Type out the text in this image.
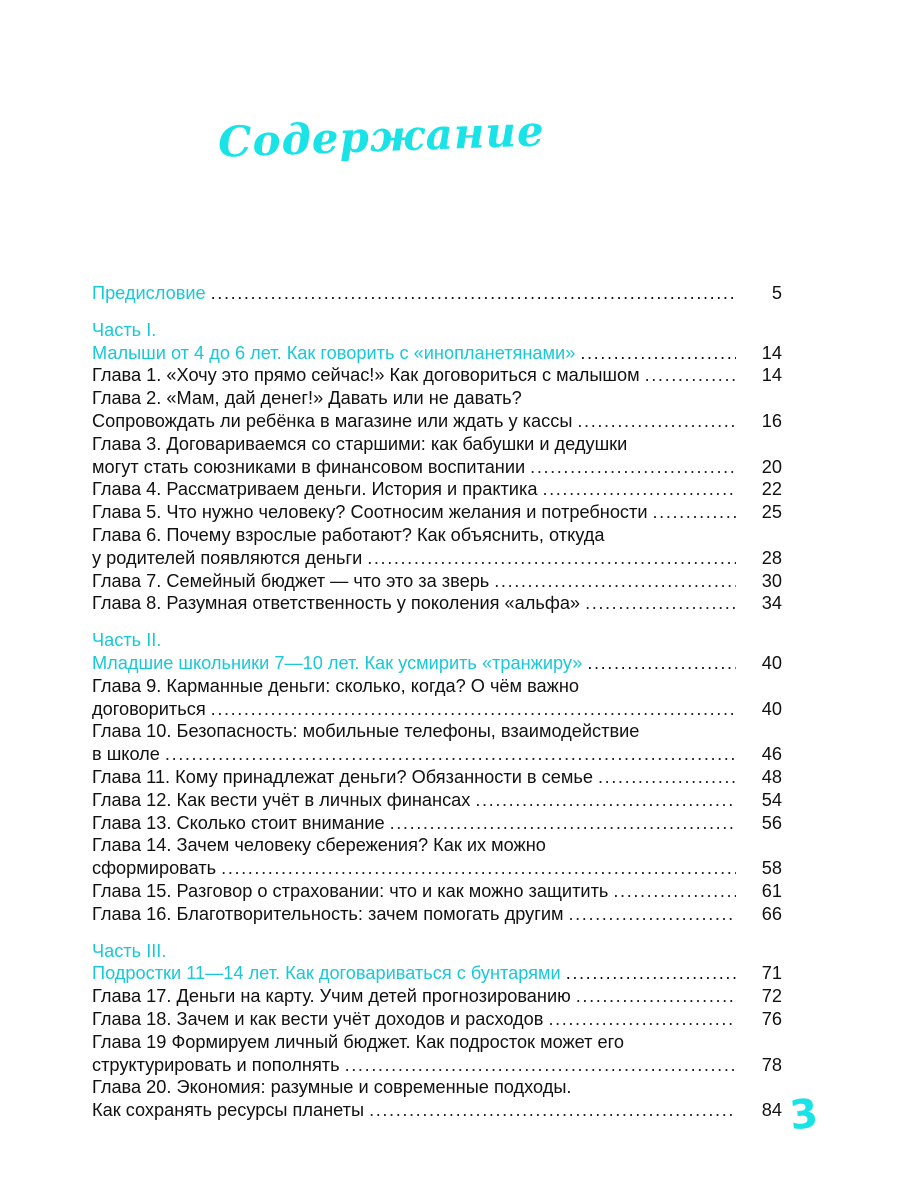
Содержание
Предисловие .....	5
Часть I.
Малыши от 4 до 6 лет. Как говорить с «инопланетянами» .....	14
Глава 1. «Хочу это прямо сейчас!» Как договориться с малышом .....	14
Глава 2. «Мам, дай денег!» Давать или не давать?
Сопровождать ли ребёнка в магазине или ждать у кассы .....	16
Глава 3. Договариваемся со старшими: как бабушки и дедушки
могут стать союзниками в финансовом воспитании .....	20
Глава 4. Рассматриваем деньги. История и практика .....	22
Глава 5. Что нужно человеку? Соотносим желания и потребности .....	25
Глава 6. Почему взрослые работают? Как объяснить, откуда
у родителей появляются деньги .....	28
Глава 7. Семейный бюджет — что это за зверь .....	30
Глава 8. Разумная ответственность у поколения «альфа» .....	34
Часть II.
Младшие школьники 7—10 лет. Как усмирить «транжиру» .....	40
Глава 9. Карманные деньги: сколько, когда? О чём важно
договориться .....	40
Глава 10. Безопасность: мобильные телефоны, взаимодействие
в школе .....	46
Глава 11. Кому принадлежат деньги? Обязанности в семье .....	48
Глава 12. Как вести учёт в личных финансах .....	54
Глава 13. Сколько стоит внимание .....	56
Глава 14. Зачем человеку сбережения? Как их можно
сформировать .....	58
Глава 15. Разговор о страховании: что и как можно защитить .....	61
Глава 16. Благотворительность: зачем помогать другим .....	66
Часть III.
Подростки 11—14 лет. Как договариваться с бунтарями .....	71
Глава 17. Деньги на карту. Учим детей прогнозированию .....	72
Глава 18. Зачем и как вести учёт доходов и расходов .....	76
Глава 19 Формируем личный бюджет. Как подросток может его
структурировать и пополнять .....	78
Глава 20. Экономия: разумные и современные подходы.
Как сохранять ресурсы планеты .....	84 3
